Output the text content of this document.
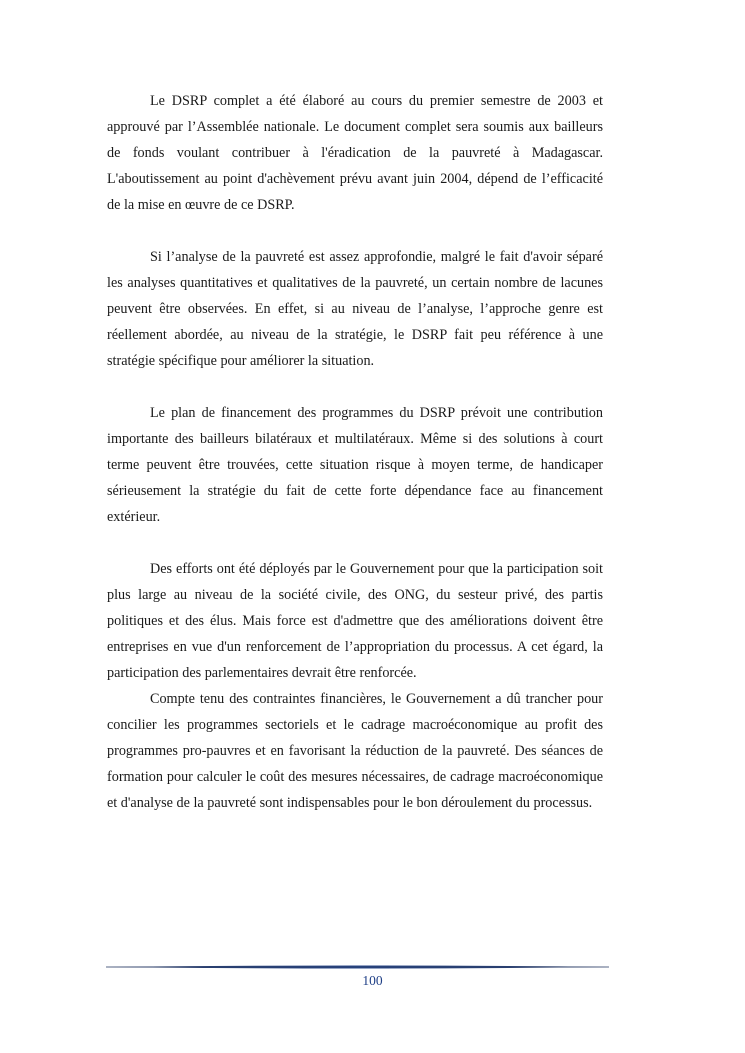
Le DSRP complet a été élaboré au cours du premier semestre de 2003 et approuvé par l’Assemblée nationale. Le document complet sera soumis aux bailleurs de fonds voulant contribuer à l'éradication de la pauvreté à Madagascar. L'aboutissement au point d'achèvement prévu avant juin 2004, dépend de l’efficacité de la mise en œuvre de ce DSRP.

Si l’analyse de la pauvreté est assez approfondie, malgré le fait d'avoir séparé les analyses quantitatives et qualitatives de la pauvreté, un certain nombre de lacunes peuvent être observées. En effet, si au niveau de l’analyse, l’approche genre est réellement abordée, au niveau de la stratégie, le DSRP fait peu référence à une stratégie spécifique pour améliorer la situation.

Le plan de financement des programmes du DSRP prévoit une contribution importante des bailleurs bilatéraux et multilatéraux. Même si des solutions à court terme peuvent être trouvées, cette situation risque à moyen terme, de handicaper sérieusement la stratégie du fait de cette forte dépendance face au financement extérieur.

Des efforts ont été déployés par le Gouvernement pour que la participation soit plus large au niveau de la société civile, des ONG, du sesteur privé, des partis politiques et des élus. Mais force est d'admettre que des améliorations doivent être entreprises en vue d'un renforcement de l’appropriation du processus. A cet égard, la participation des parlementaires devrait être renforcée.

Compte tenu des contraintes financières, le Gouvernement a dû trancher pour concilier les programmes sectoriels et le cadrage macroéconomique au profit des programmes pro-pauvres et en favorisant la réduction de la pauvreté. Des séances de formation pour calculer le coût des mesures nécessaires, de cadrage macroéconomique et d'analyse de la pauvreté sont indispensables pour le bon déroulement du processus.

100
